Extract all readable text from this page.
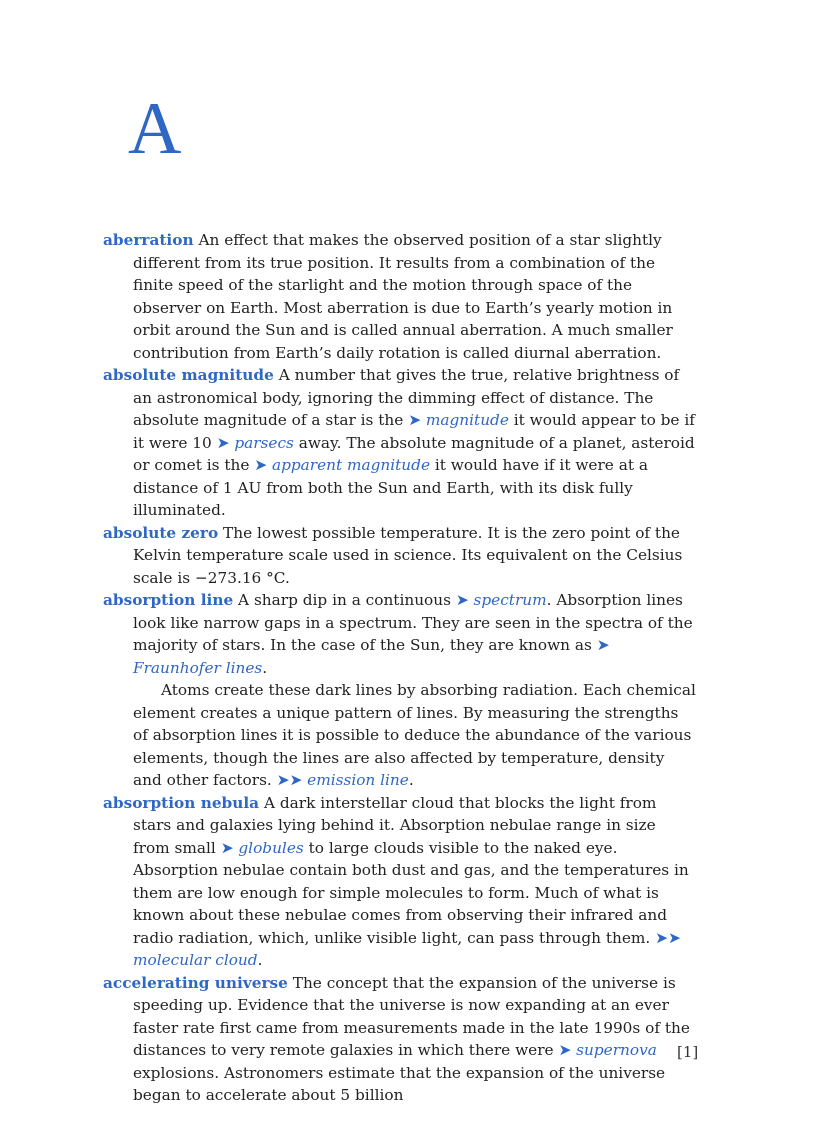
A

aberration An effect that makes the observed position of a star slightly different from its true position. It results from a combination of the finite speed of the starlight and the motion through space of the observer on Earth. Most aberration is due to Earth’s yearly motion in orbit around the Sun and is called annual aberration. A much smaller contribution from Earth’s daily rotation is called diurnal aberration.

absolute magnitude A number that gives the true, relative brightness of an astronomical body, ignoring the dimming effect of distance. The absolute magnitude of a star is the ➤ magnitude it would appear to be if it were 10 ➤ parsecs away. The absolute magnitude of a planet, asteroid or comet is the ➤ apparent magnitude it would have if it were at a distance of 1 AU from both the Sun and Earth, with its disk fully illuminated.

absolute zero The lowest possible temperature. It is the zero point of the Kelvin temperature scale used in science. Its equivalent on the Celsius scale is −273.16 °C.

absorption line A sharp dip in a continuous ➤ spectrum. Absorption lines look like narrow gaps in a spectrum. They are seen in the spectra of the majority of stars. In the case of the Sun, they are known as ➤ Fraunhofer lines.
Atoms create these dark lines by absorbing radiation. Each chemical element creates a unique pattern of lines. By measuring the strengths of absorption lines it is possible to deduce the abundance of the various elements, though the lines are also affected by temperature, density and other factors. ➤➤ emission line.

absorption nebula A dark interstellar cloud that blocks the light from stars and galaxies lying behind it. Absorption nebulae range in size from small ➤ globules to large clouds visible to the naked eye. Absorption nebulae contain both dust and gas, and the temperatures in them are low enough for simple molecules to form. Much of what is known about these nebulae comes from observing their infrared and radio radiation, which, unlike visible light, can pass through them. ➤➤ molecular cloud.

accelerating universe The concept that the expansion of the universe is speeding up. Evidence that the universe is now expanding at an ever faster rate first came from measurements made in the late 1990s of the distances to very remote galaxies in which there were ➤ supernova explosions. Astronomers estimate that the expansion of the universe began to accelerate about 5 billion

[1]
